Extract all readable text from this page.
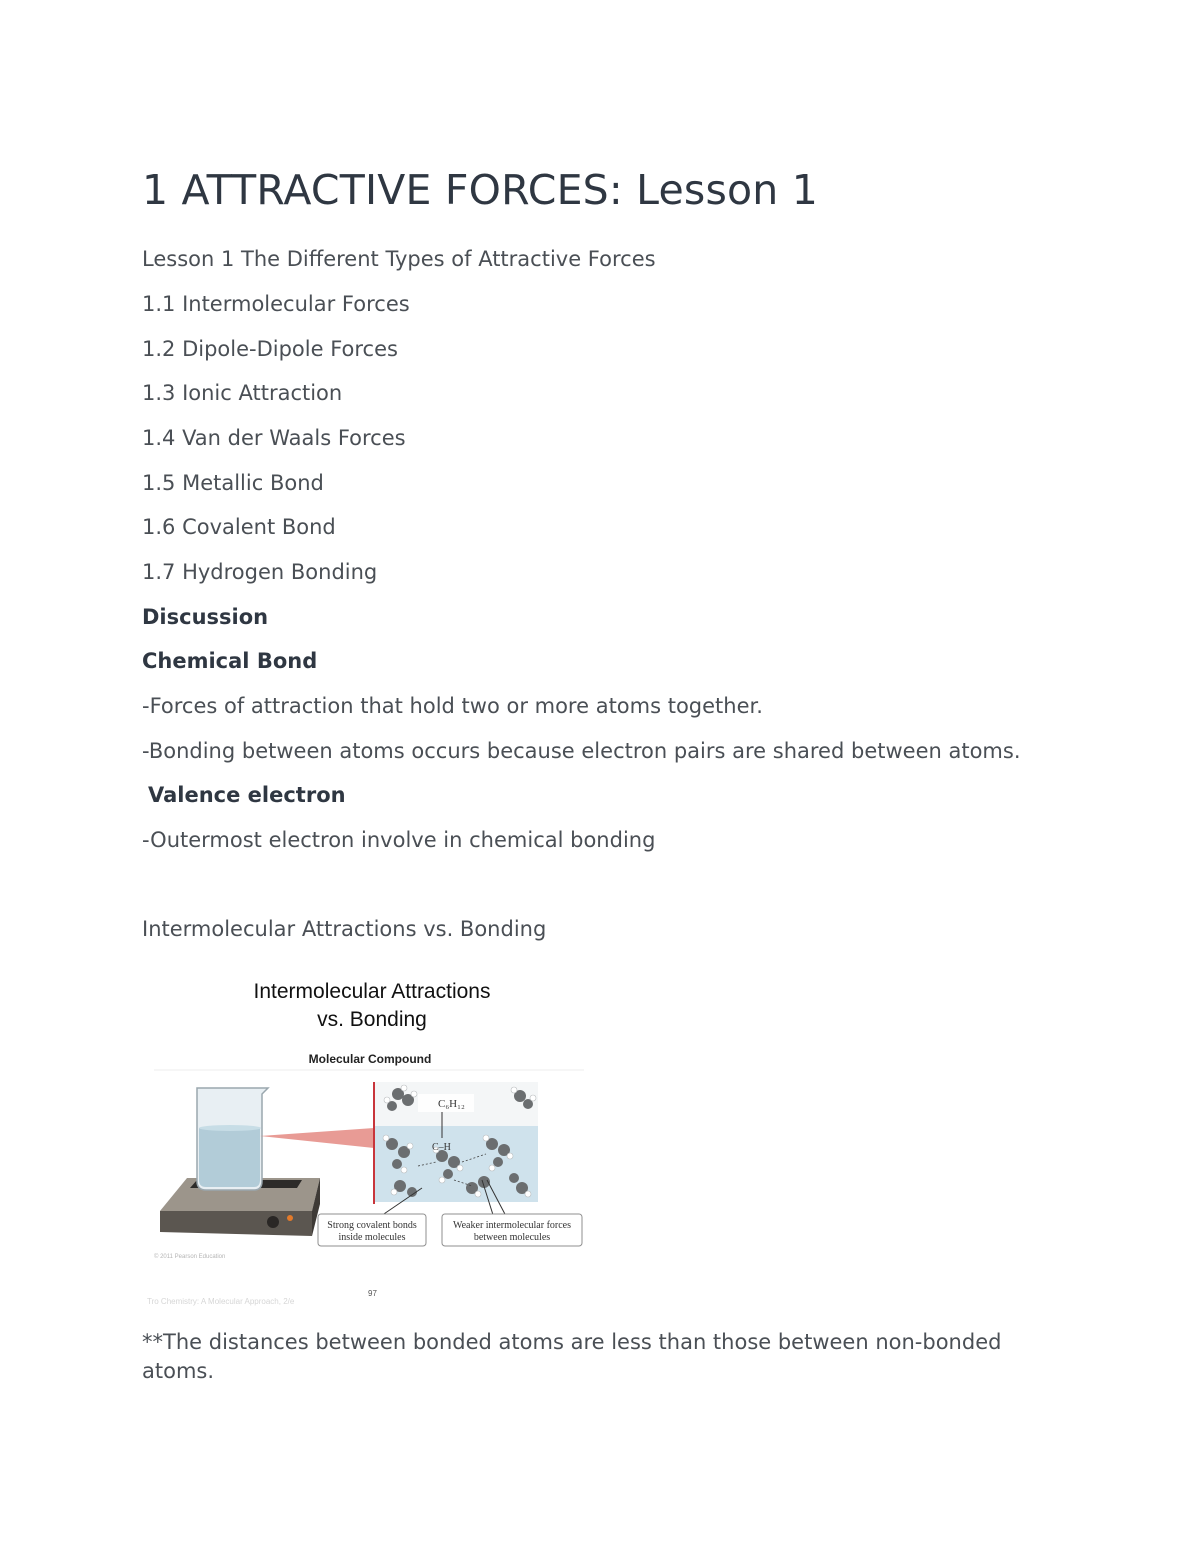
1 ATTRACTIVE FORCES: Lesson 1
Lesson 1 The Different Types of Attractive Forces
1.1 Intermolecular Forces
1.2 Dipole-Dipole Forces
1.3 Ionic Attraction
1.4 Van der Waals Forces
1.5 Metallic Bond
1.6 Covalent Bond
1.7 Hydrogen Bonding
Discussion
Chemical Bond
-Forces of attraction that hold two or more atoms together.
-Bonding between atoms occurs because electron pairs are shared between atoms.
Valence electron
-Outermost electron involve in chemical bonding
Intermolecular Attractions vs. Bonding
Intermolecular Attractions
vs. Bonding
Molecular Compound
C₆H₁₂
C–H
Strong covalent bonds
inside molecules
Weaker intermolecular forces
between molecules
© 2011 Pearson Education
Tro Chemistry: A Molecular Approach, 2/e
97
**The distances between bonded atoms are less than those between non-bonded atoms.
